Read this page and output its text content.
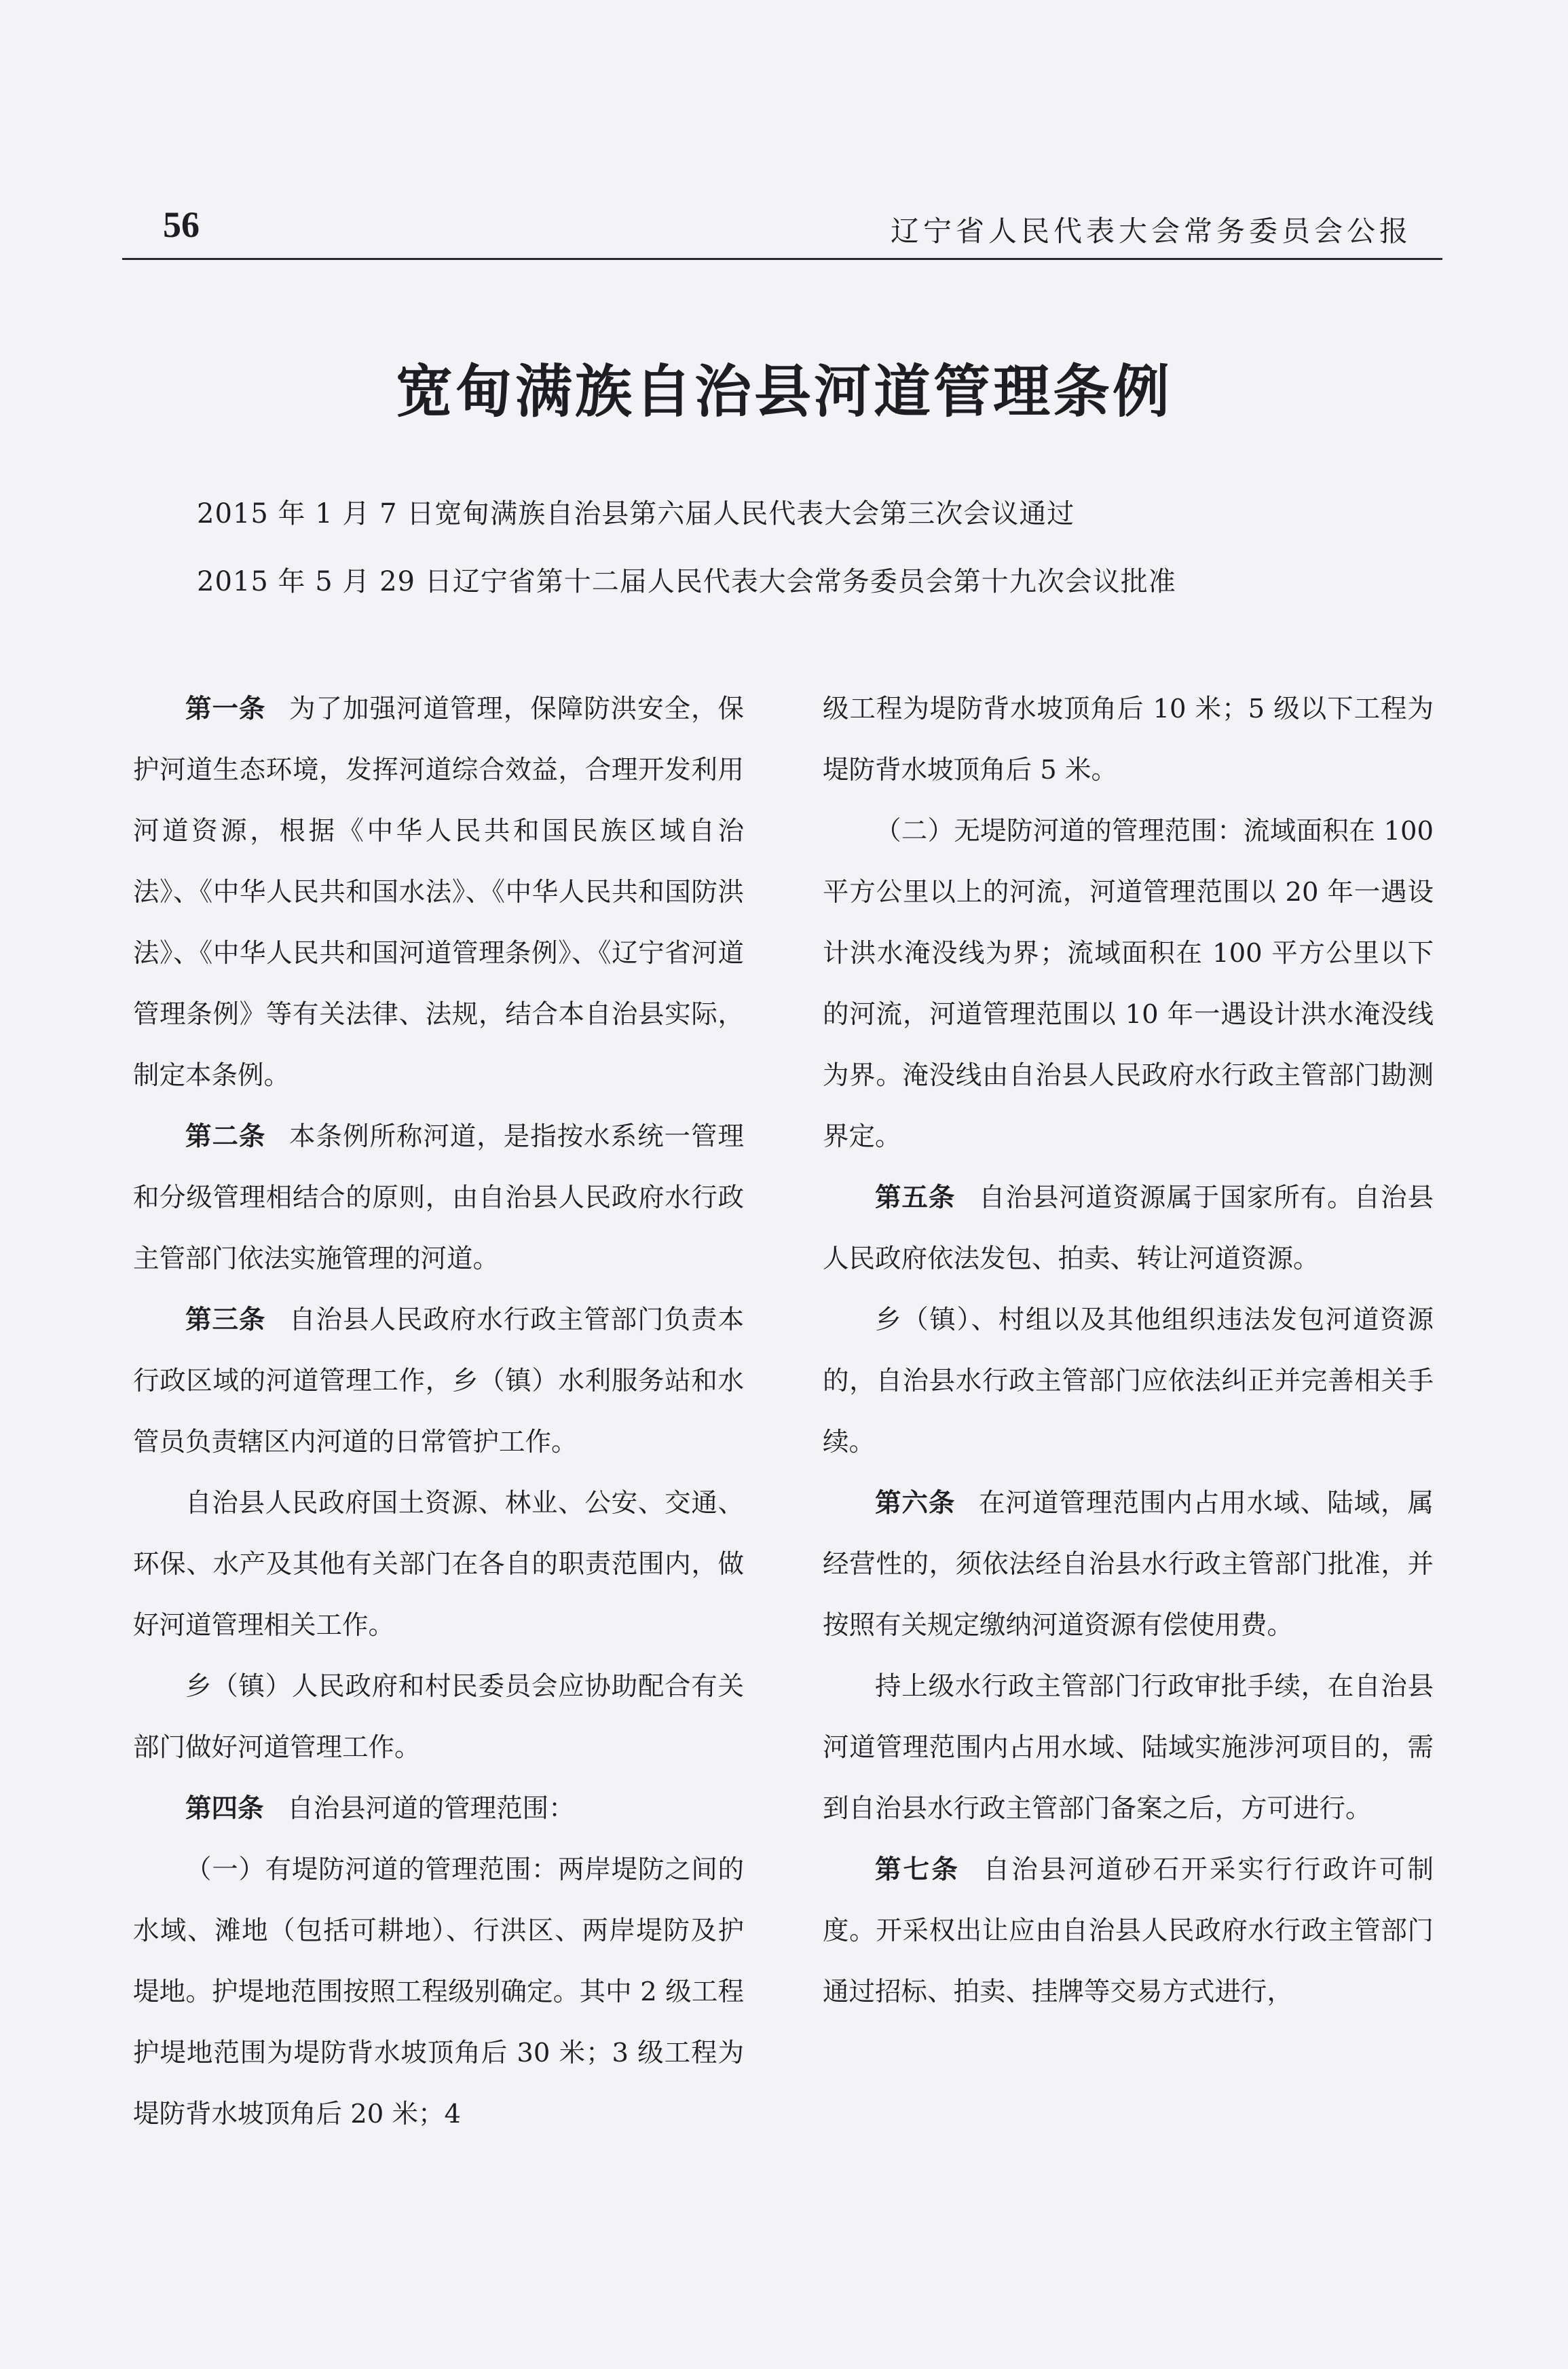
56	辽宁省人民代表大会常务委员会公报
宽甸满族自治县河道管理条例
2015 年 1 月 7 日宽甸满族自治县第六届人民代表大会第三次会议通过
2015 年 5 月 29 日辽宁省第十二届人民代表大会常务委员会第十九次会议批准

第一条 为了加强河道管理，保障防洪安全，保护河道生态环境，发挥河道综合效益，合理开发利用河道资源，根据《中华人民共和国民族区域自治法》、《中华人民共和国水法》、《中华人民共和国防洪法》、《中华人民共和国河道管理条例》、《辽宁省河道管理条例》等有关法律、法规，结合本自治县实际，制定本条例。

第二条 本条例所称河道，是指按水系统一管理和分级管理相结合的原则，由自治县人民政府水行政主管部门依法实施管理的河道。

第三条 自治县人民政府水行政主管部门负责本行政区域的河道管理工作，乡（镇）水利服务站和水管员负责辖区内河道的日常管护工作。

自治县人民政府国土资源、林业、公安、交通、环保、水产及其他有关部门在各自的职责范围内，做好河道管理相关工作。

乡（镇）人民政府和村民委员会应协助配合有关部门做好河道管理工作。

第四条 自治县河道的管理范围：

（一）有堤防河道的管理范围：两岸堤防之间的水域、滩地（包括可耕地）、行洪区、两岸堤防及护堤地。护堤地范围按照工程级别确定。其中 2 级工程护堤地范围为堤防背水坡顶角后 30 米；3 级工程为堤防背水坡顶角后 20 米；4

级工程为堤防背水坡顶角后 10 米；5 级以下工程为堤防背水坡顶角后 5 米。

（二）无堤防河道的管理范围：流域面积在 100 平方公里以上的河流，河道管理范围以 20 年一遇设计洪水淹没线为界；流域面积在 100 平方公里以下的河流，河道管理范围以 10 年一遇设计洪水淹没线为界。淹没线由自治县人民政府水行政主管部门勘测界定。

第五条 自治县河道资源属于国家所有。自治县人民政府依法发包、拍卖、转让河道资源。

乡（镇）、村组以及其他组织违法发包河道资源的，自治县水行政主管部门应依法纠正并完善相关手续。

第六条 在河道管理范围内占用水域、陆域，属经营性的，须依法经自治县水行政主管部门批准，并按照有关规定缴纳河道资源有偿使用费。

持上级水行政主管部门行政审批手续，在自治县河道管理范围内占用水域、陆域实施涉河项目的，需到自治县水行政主管部门备案之后，方可进行。

第七条 自治县河道砂石开采实行行政许可制度。开采权出让应由自治县人民政府水行政主管部门通过招标、拍卖、挂牌等交易方式进行，
